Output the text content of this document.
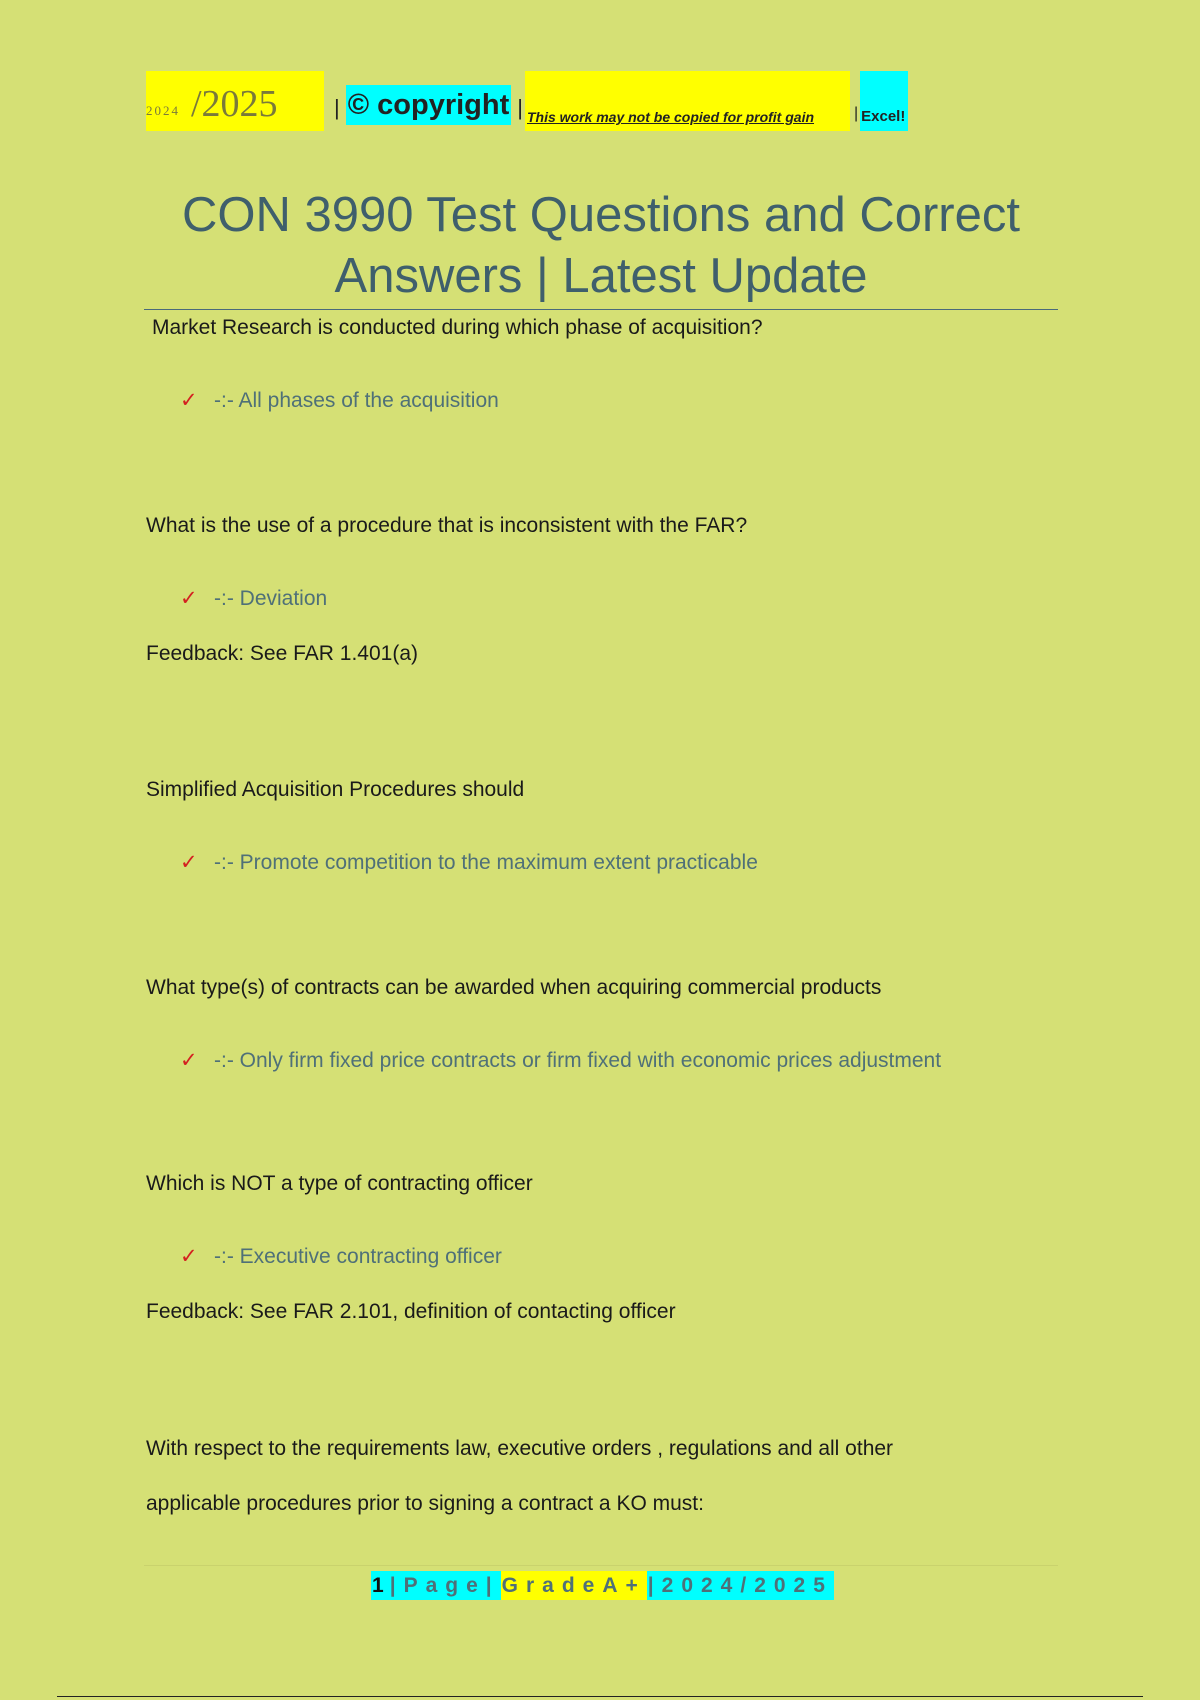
2024 /2025	| © copyright | This work may not be copied for profit gain | Excel!
CON 3990 Test Questions and Correct
Answers | Latest Update
Market Research is conducted during which phase of acquisition?
✓ -:- All phases of the acquisition
What is the use of a procedure that is inconsistent with the FAR?
✓ -:- Deviation
Feedback: See FAR 1.401(a)
Simplified Acquisition Procedures should
✓ -:- Promote competition to the maximum extent practicable
What type(s) of contracts can be awarded when acquiring commercial products
✓ -:- Only firm fixed price contracts or firm fixed with economic prices adjustment
Which is NOT a type of contracting officer
✓ -:- Executive contracting officer
Feedback: See FAR 2.101, definition of contacting officer
With respect to the requirements law, executive orders , regulations and all other
applicable procedures prior to signing a contract a KO must:
1 |Page| GradeA+ |2024/2025
